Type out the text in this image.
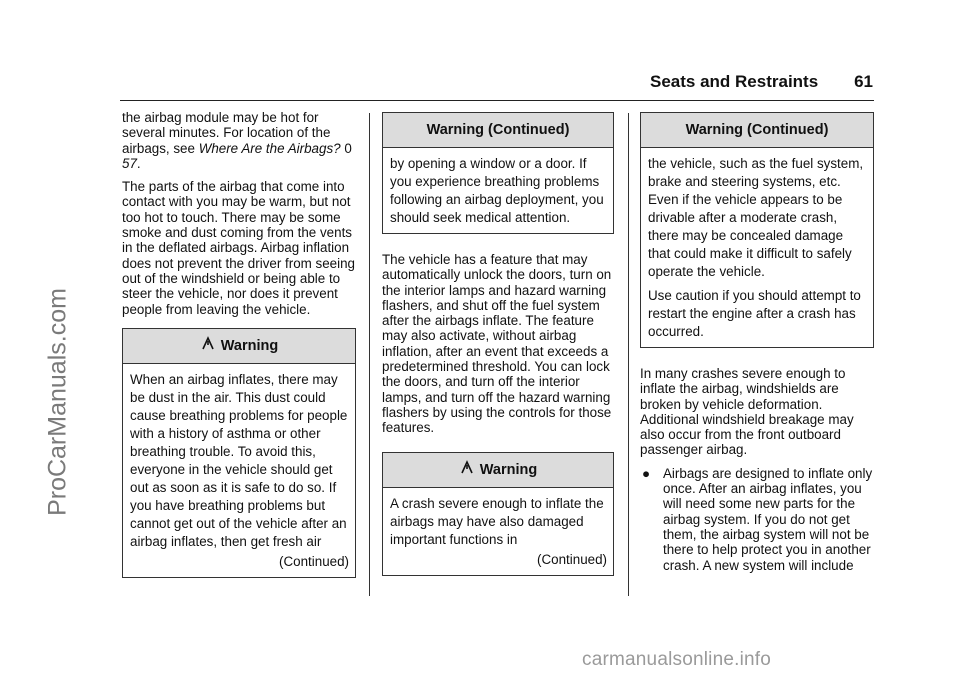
ProCarManuals.com
Seats and Restraints 61

the airbag module may be hot for several minutes. For location of the airbags, see Where Are the Airbags? 0 57.

The parts of the airbag that come into contact with you may be warm, but not too hot to touch. There may be some smoke and dust coming from the vents in the deflated airbags. Airbag inflation does not prevent the driver from seeing out of the windshield or being able to steer the vehicle, nor does it prevent people from leaving the vehicle.

Warning
When an airbag inflates, there may be dust in the air. This dust could cause breathing problems for people with a history of asthma or other breathing trouble. To avoid this, everyone in the vehicle should get out as soon as it is safe to do so. If you have breathing problems but cannot get out of the vehicle after an airbag inflates, then get fresh air
(Continued)
Warning (Continued)
by opening a window or a door. If you experience breathing problems following an airbag deployment, you should seek medical attention.

The vehicle has a feature that may automatically unlock the doors, turn on the interior lamps and hazard warning flashers, and shut off the fuel system after the airbags inflate. The feature may also activate, without airbag inflation, after an event that exceeds a predetermined threshold. You can lock the doors, and turn off the interior lamps, and turn off the hazard warning flashers by using the controls for those features.

Warning
A crash severe enough to inflate the airbags may have also damaged important functions in
(Continued)
Warning (Continued)

the vehicle, such as the fuel system, brake and steering systems, etc. Even if the vehicle appears to be drivable after a moderate crash, there may be concealed damage that could make it difficult to safely operate the vehicle.

Use caution if you should attempt to restart the engine after a crash has occurred.

In many crashes severe enough to inflate the airbag, windshields are broken by vehicle deformation. Additional windshield breakage may also occur from the front outboard passenger airbag.

● Airbags are designed to inflate only once. After an airbag inflates, you will need some new parts for the airbag system. If you do not get them, the airbag system will not be there to help protect you in another crash. A new system will include
carmanualsonline.info
